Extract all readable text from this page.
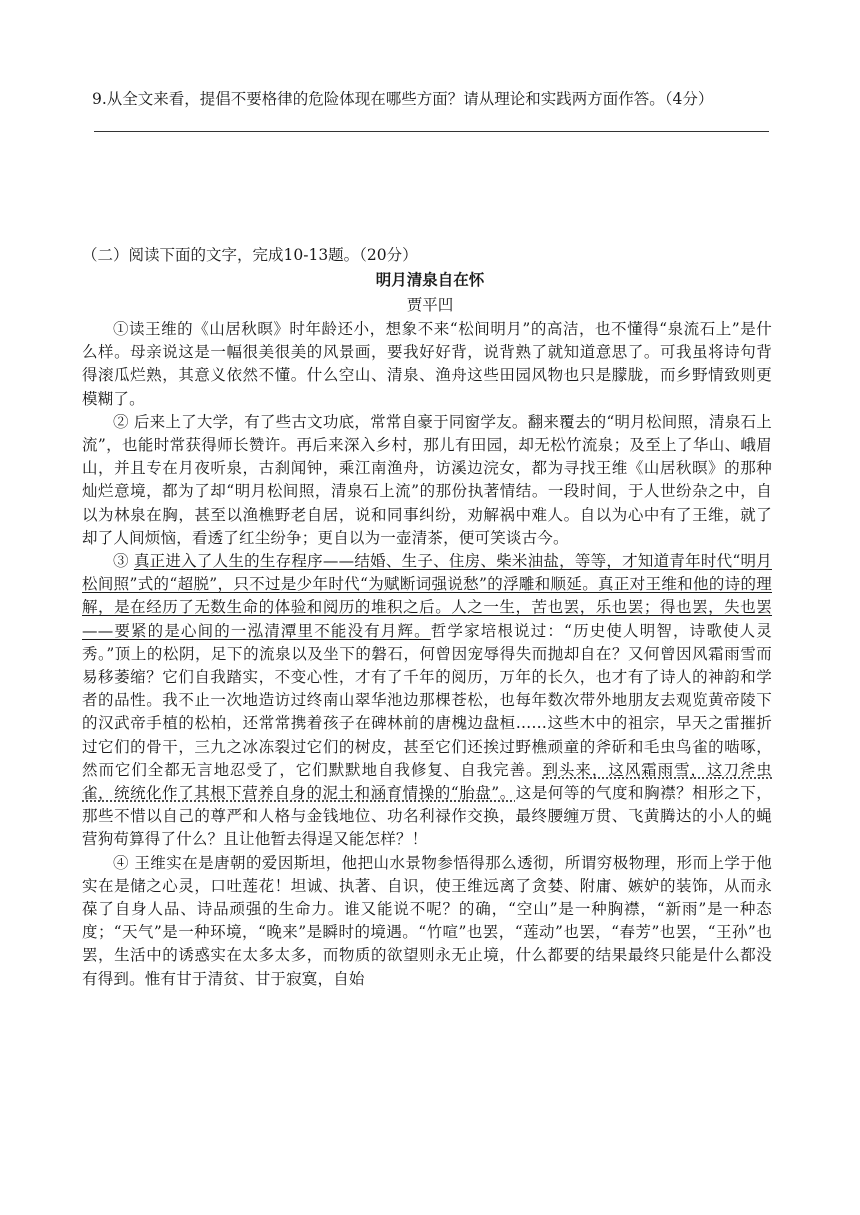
9.从全文来看，提倡不要格律的危险体现在哪些方面？请从理论和实践两方面作答。（4分）
（二）阅读下面的文字，完成10-13题。（20分）
明月清泉自在怀
贾平凹

①读王维的《山居秋暝》时年龄还小，想象不来“松间明月”的高洁，也不懂得“泉流石上”是什么样。母亲说这是一幅很美很美的风景画，要我好好背，说背熟了就知道意思了。可我虽将诗句背得滚瓜烂熟，其意义依然不懂。什么空山、清泉、渔舟这些田园风物也只是朦胧，而乡野情致则更模糊了。

② 后来上了大学，有了些古文功底，常常自豪于同窗学友。翻来覆去的“明月松间照，清泉石上流”，也能时常获得师长赞许。再后来深入乡村，那儿有田园，却无松竹流泉；及至上了华山、峨眉山，并且专在月夜听泉，古刹闻钟，乘江南渔舟，访溪边浣女，都为寻找王维《山居秋暝》的那种灿烂意境，都为了却“明月松间照，清泉石上流”的那份执著情结。一段时间，于人世纷杂之中，自以为林泉在胸，甚至以渔樵野老自居，说和同事纠纷，劝解祸中难人。自以为心中有了王维，就了却了人间烦恼，看透了红尘纷争；更自以为一壶清茶，便可笑谈古今。

③ 真正进入了人生的生存程序——结婚、生子、住房、柴米油盐，等等，才知道青年时代“明月松间照”式的“超脱”，只不过是少年时代“为赋断词强说愁”的浮雕和顺延。真正对王维和他的诗的理解，是在经历了无数生命的体验和阅历的堆积之后。人之一生，苦也罢，乐也罢；得也罢，失也罢——要紧的是心间的一泓清潭里不能没有月辉。哲学家培根说过：“历史使人明智，诗歌使人灵秀。”顶上的松阴，足下的流泉以及坐下的磐石，何曾因宠辱得失而抛却自在？又何曾因风霜雨雪而易移萎缩？它们自我踏实，不变心性，才有了千年的阅历，万年的长久，也才有了诗人的神韵和学者的品性。我不止一次地造访过终南山翠华池边那棵苍松，也每年数次带外地朋友去观览黄帝陵下的汉武帝手植的松柏，还常常携着孩子在碑林前的唐槐边盘桓……这些木中的祖宗，早天之雷摧折过它们的骨干，三九之冰冻裂过它们的树皮，甚至它们还挨过野樵顽童的斧斫和毛虫鸟雀的啮啄，然而它们全都无言地忍受了，它们默默地自我修复、自我完善。到头来，这风霜雨雪，这刀斧虫雀，统统化作了其根下营养自身的泥土和涵育情操的“胎盘”。这是何等的气度和胸襟？相形之下，那些不惜以自己的尊严和人格与金钱地位、功名利禄作交换，最终腰缠万贯、飞黄腾达的小人的蝇营狗苟算得了什么？且让他暂去得逞又能怎样？！

④ 王维实在是唐朝的爱因斯坦，他把山水景物参悟得那么透彻，所谓穷极物理，形而上学于他实在是储之心灵，口吐莲花！坦诚、执著、自识，使王维远离了贪婪、附庸、嫉妒的装饰，从而永葆了自身人品、诗品顽强的生命力。谁又能说不呢？的确，“空山”是一种胸襟，“新雨”是一种态度；“天气”是一种环境，“晚来”是瞬时的境遇。“竹喧”也罢，“莲动”也罢，“春芳”也罢，“王孙”也罢，生活中的诱惑实在太多太多，而物质的欲望则永无止境，什么都要的结果最终只能是什么都没有得到。惟有甘于清贫、甘于寂寞，自始
